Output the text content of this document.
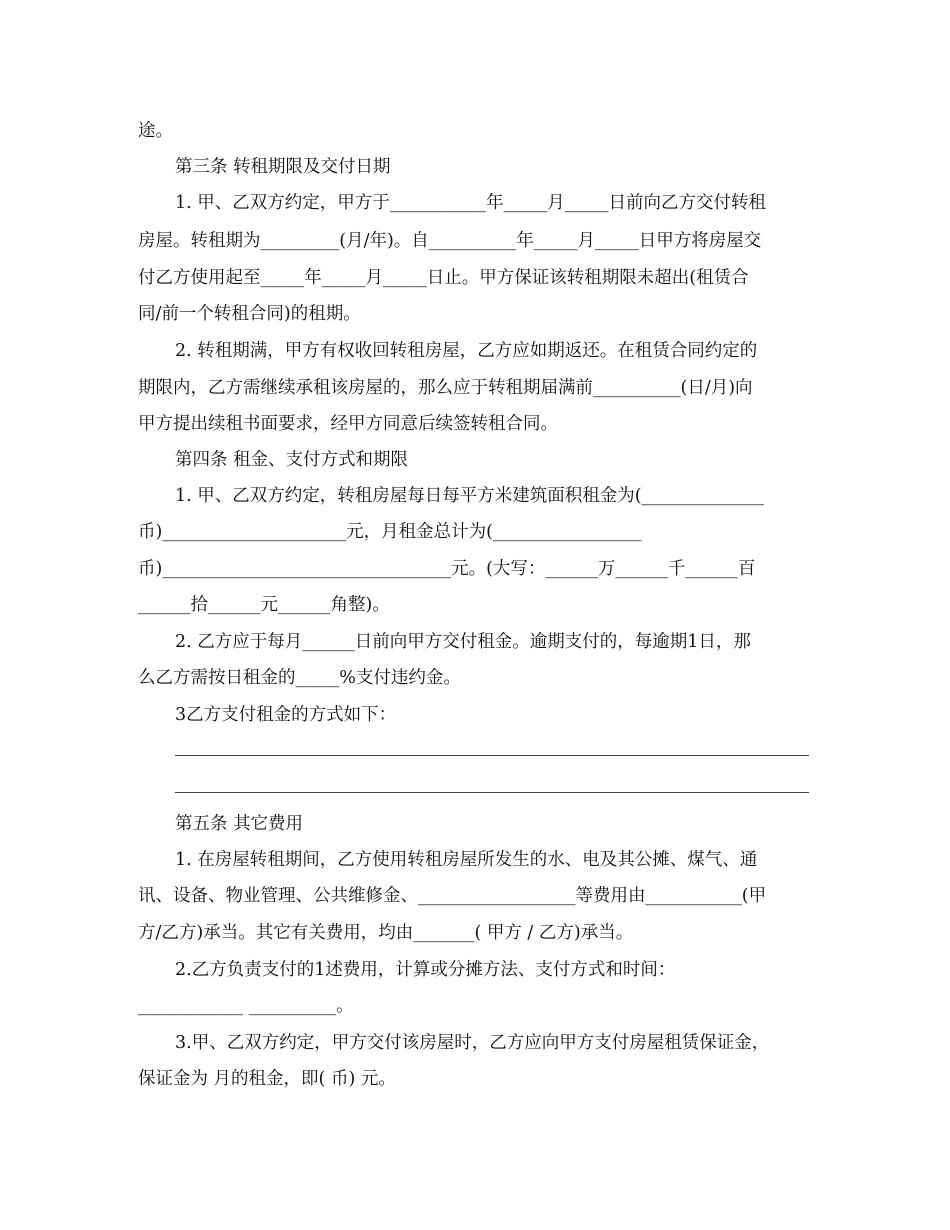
途。
第三条 转租期限及交付日期
1. 甲、乙双方约定，甲方于___________年_____月_____日前向乙方交付转租
房屋。转租期为_________(月/年)。自__________年_____月_____日甲方将房屋交
付乙方使用起至_____年_____月_____日止。甲方保证该转租期限未超出(租赁合
同/前一个转租合同)的租期。
2. 转租期满，甲方有权收回转租房屋，乙方应如期返还。在租赁合同约定的
期限内，乙方需继续承租该房屋的，那么应于转租期届满前__________(日/月)向
甲方提出续租书面要求，经甲方同意后续签转租合同。
第四条 租金、支付方式和期限
1. 甲、乙双方约定，转租房屋每日每平方米建筑面积租金为(______________
币)_____________________元，月租金总计为(_________________
币)_________________________________元。(大写：______万______千______百
______拾______元______角整)。
2. 乙方应于每月______日前向甲方交付租金。逾期支付的，每逾期1日，那
么乙方需按日租金的_____%支付违约金。
3乙方支付租金的方式如下：
第五条 其它费用
1. 在房屋转租期间，乙方使用转租房屋所发生的水、电及其公摊、煤气、通
讯、设备、物业管理、公共维修金、__________________等费用由___________(甲
方/乙方)承当。其它有关费用，均由_______( 甲方 / 乙方)承当。
2.乙方负责支付的1述费用，计算或分摊方法、支付方式和时间：
____________ __________。
3.甲、乙双方约定，甲方交付该房屋时，乙方应向甲方支付房屋租赁保证金，
保证金为 月的租金，即( 币) 元。
